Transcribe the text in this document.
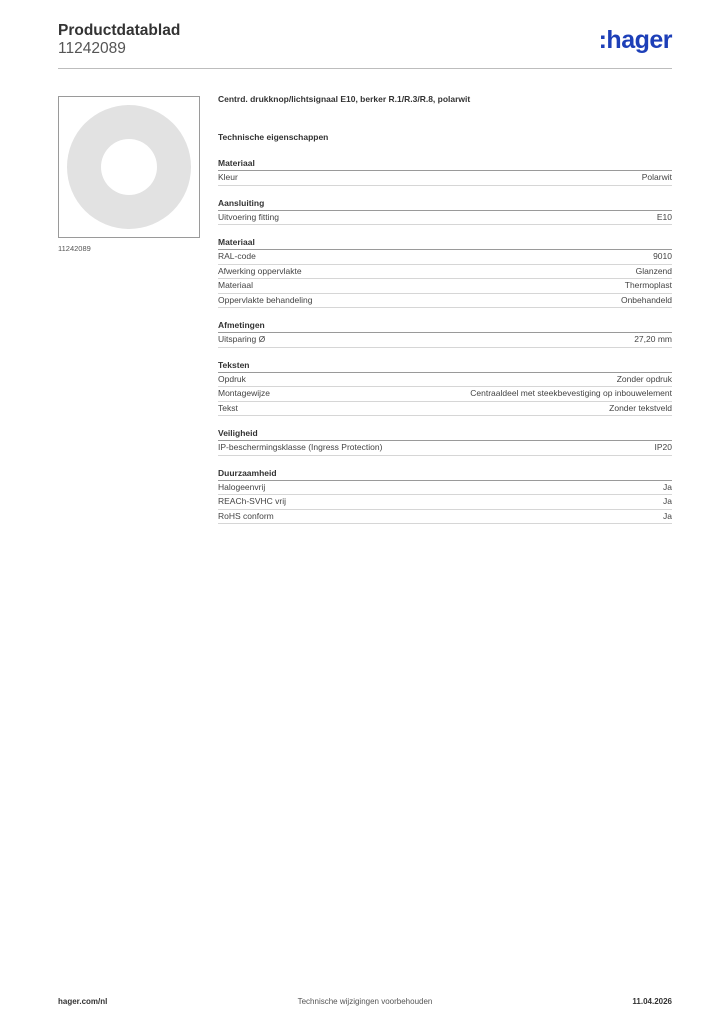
Productdatablad
11242089	:hager
11242089
Centrd. drukknop/lichtsignaal E10, berker R.1/R.3/R.8, polarwit
Technische eigenschappen
Materiaal
Kleur	Polarwit
Aansluiting
Uitvoering fitting	E10
Materiaal
RAL-code	9010
Afwerking oppervlakte	Glanzend
Materiaal	Thermoplast
Oppervlakte behandeling	Onbehandeld
Afmetingen
Uitsparing Ø	27,20 mm
Teksten
Opdruk	Zonder opdruk
Montagewijze	Centraaldeel met steekbevestiging op inbouwelement
Tekst	Zonder tekstveld
Veiligheid
IP-beschermingsklasse (Ingress Protection)	IP20
Duurzaamheid
Halogeenvrij	Ja
REACh-SVHC vrij	Ja
RoHS conform	Ja
hager.com/nl	Technische wijzigingen voorbehouden	11.04.2026
